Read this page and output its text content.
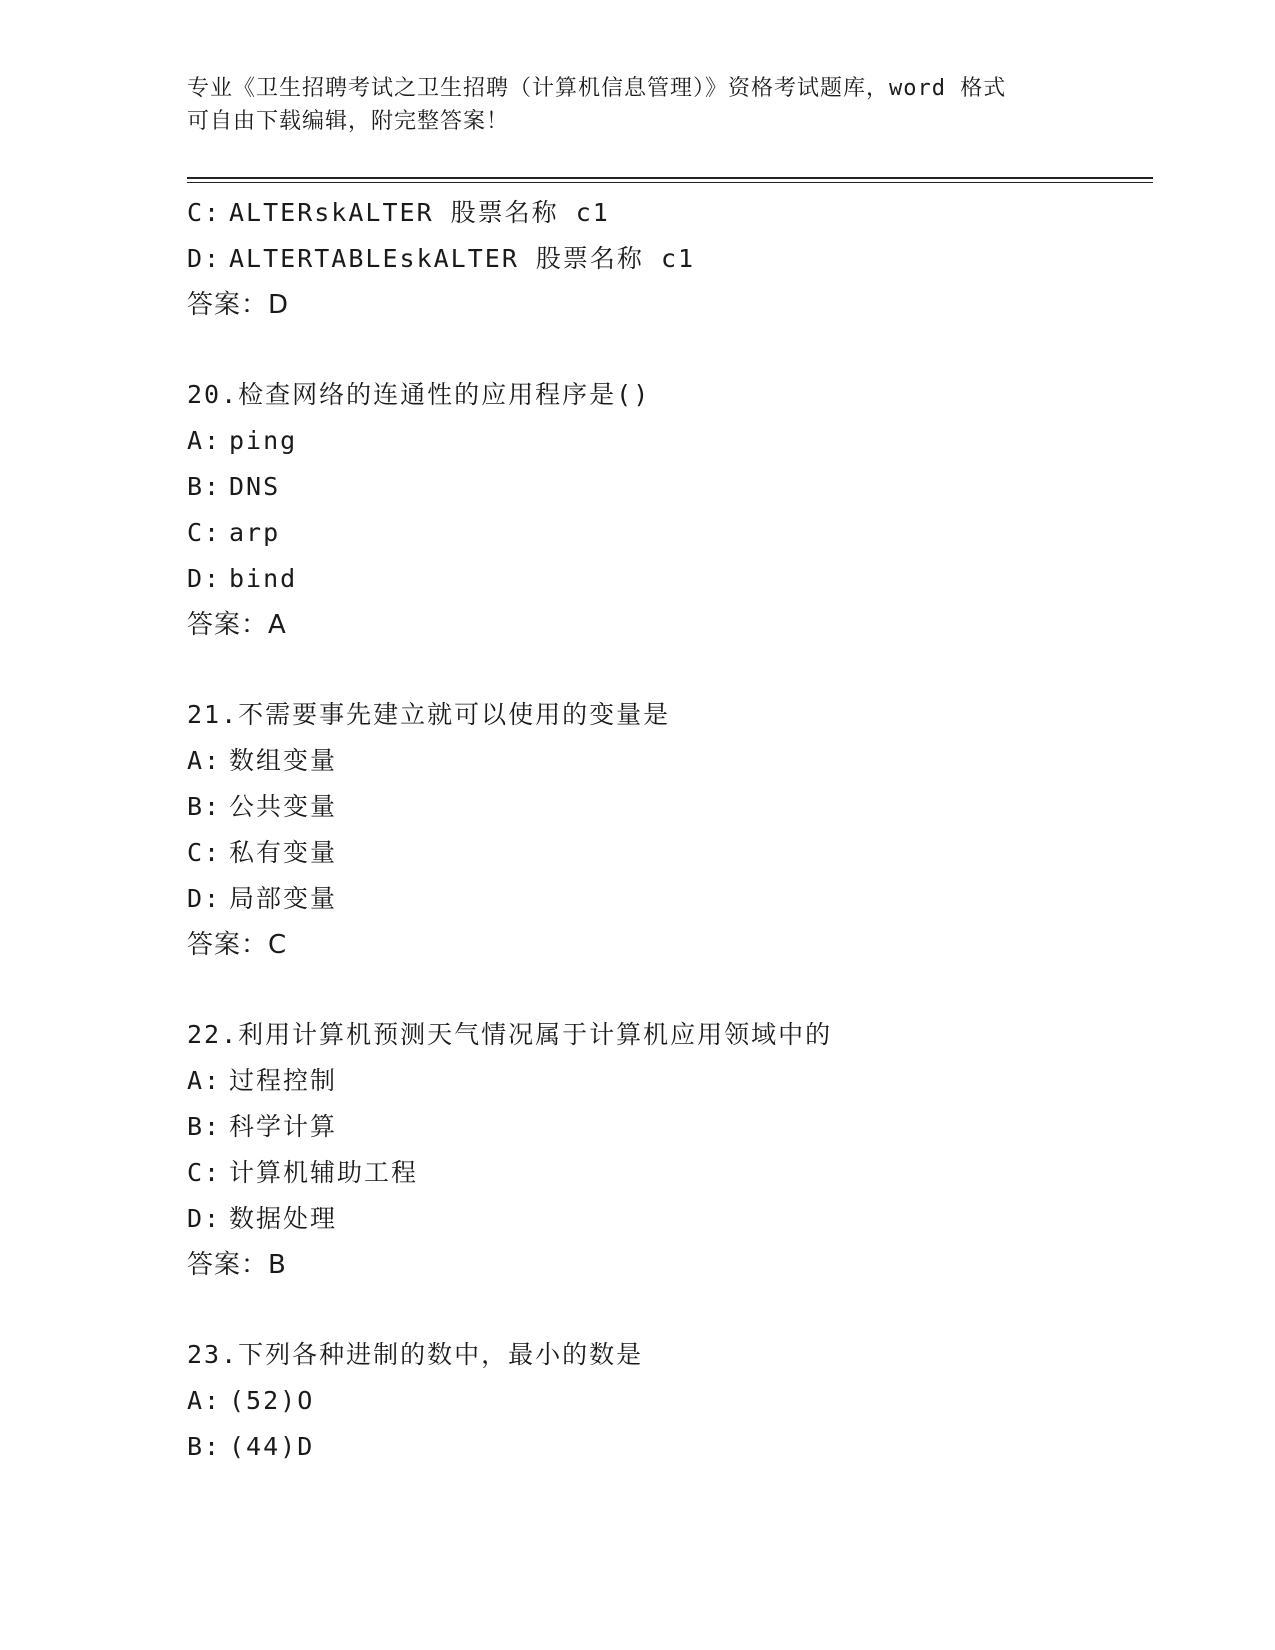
专业《卫生招聘考试之卫生招聘（计算机信息管理）》资格考试题库，word 格式
可自由下载编辑，附完整答案！
C: ALTERskALTER 股票名称 c1
D: ALTERTABLEskALTER 股票名称 c1
答案：D
20.检查网络的连通性的应用程序是()
A: ping
B: DNS
C: arp
D: bind
答案：A
21.不需要事先建立就可以使用的变量是
A: 数组变量
B: 公共变量
C: 私有变量
D: 局部变量
答案：C
22.利用计算机预测天气情况属于计算机应用领域中的
A: 过程控制
B: 科学计算
C: 计算机辅助工程
D: 数据处理
答案：B
23.下列各种进制的数中，最小的数是
A: (52)O
B: (44)D
